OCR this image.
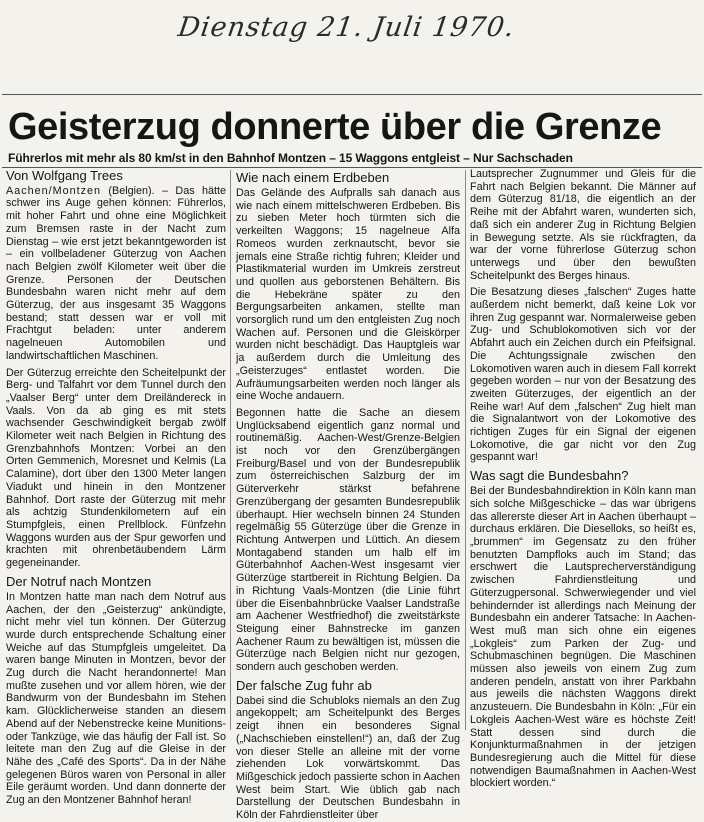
Dienstag 21. Juli 1970.
Geisterzug donnerte über die Grenze
Führerlos mit mehr als 80 km/st in den Bahnhof Montzen – 15 Waggons entgleist – Nur Sachschaden
Von Wolfgang Trees

Aachen/Montzen (Belgien). – Das hätte schwer ins Auge gehen können: Führerlos, mit hoher Fahrt und ohne eine Möglichkeit zum Bremsen raste in der Nacht zum Dienstag – wie erst jetzt bekanntgeworden ist – ein vollbeladener Güterzug von Aachen nach Belgien zwölf Kilometer weit über die Grenze. Personen der Deutschen Bundesbahn waren nicht mehr auf dem Güterzug, der aus insgesamt 35 Waggons bestand; statt dessen war er voll mit Frachtgut beladen: unter anderem nagelneuen Automobilen und landwirtschaftlichen Maschinen.

Der Güterzug erreichte den Scheitelpunkt der Berg- und Talfahrt vor dem Tunnel durch den „Vaalser Berg“ unter dem Dreiländereck in Vaals. Von da ab ging es mit stets wachsender Geschwindigkeit bergab zwölf Kilometer weit nach Belgien in Richtung des Grenzbahnhofs Montzen: Vorbei an den Orten Gemmenich, Moresnet und Kelmis (La Calamine), dort über den 1300 Meter langen Viadukt und hinein in den Montzener Bahnhof. Dort raste der Güterzug mit mehr als achtzig Stundenkilometern auf ein Stumpfgleis, einen Prellblock. Fünfzehn Waggons wurden aus der Spur geworfen und krachten mit ohrenbetäubendem Lärm gegeneinander.

Der Notruf nach Montzen

In Montzen hatte man nach dem Notruf aus Aachen, der den „Geisterzug“ ankündigte, nicht mehr viel tun können. Der Güterzug wurde durch entsprechende Schaltung einer Weiche auf das Stumpfgleis umgeleitet. Da waren bange Minuten in Montzen, bevor der Zug durch die Nacht herandonnerte! Man mußte zusehen und vor allem hören, wie der Bandwurm von der Bundesbahn im Stehen kam. Glücklicherweise standen an diesem Abend auf der Nebenstrecke keine Munitions- oder Tankzüge, wie das häufig der Fall ist. So leitete man den Zug auf die Gleise in der Nähe des „Café des Sports“. Da in der Nähe gelegenen Büros waren von Personal in aller Eile geräumt worden. Und dann donnerte der Zug an den Montzener Bahnhof heran!

Wie nach einem Erdbeben

Das Gelände des Aufpralls sah danach aus wie nach einem mittelschweren Erdbeben. Bis zu sieben Meter hoch türmten sich die verkeilten Waggons; 15 nagelneue Alfa Romeos wurden zerknautscht, bevor sie jemals eine Straße richtig fuhren; Kleider und Plastikmaterial wurden im Umkreis zerstreut und quollen aus geborstenen Behältern. Bis die Hebekräne später zu den Bergungsarbeiten ankamen, stellte man vorsorglich rund um den entgleisten Zug noch Wachen auf. Personen und die Gleiskörper wurden nicht beschädigt. Das Hauptgleis war ja außerdem durch die Umleitung des „Geisterzuges“ entlastet worden. Die Aufräumungsarbeiten werden noch länger als eine Woche andauern.

Begonnen hatte die Sache an diesem Unglücksabend eigentlich ganz normal und routinemäßig. Aachen-West/Grenze-Belgien ist noch vor den Grenzübergängen Freiburg/Basel und von der Bundesrepublik zum österreichischen Salzburg der im Güterverkehr stärkst befahrene Grenzübergang der gesamten Bundesrepublik überhaupt. Hier wechseln binnen 24 Stunden regelmäßig 55 Güterzüge über die Grenze in Richtung Antwerpen und Lüttich. An diesem Montagabend standen um halb elf im Güterbahnhof Aachen-West insgesamt vier Güterzüge startbereit in Richtung Belgien. Da in Richtung Vaals-Montzen (die Linie führt über die Eisenbahnbrücke Vaalser Landstraße am Aachener Westfriedhof) die zweitstärkste Steigung einer Bahnstrecke im ganzen Aachener Raum zu bewältigen ist, müssen die Güterzüge nach Belgien nicht nur gezogen, sondern auch geschoben werden.

Der falsche Zug fuhr ab

Dabei sind die Schubloks niemals an den Zug angekoppelt; am Scheitelpunkt des Berges zeigt ihnen ein besonderes Signal („Nachschieben einstellen!“) an, daß der Zug von dieser Stelle an alleine mit der vorne ziehenden Lok vorwärtskommt. Das Mißgeschick jedoch passierte schon in Aachen West beim Start. Wie üblich gab nach Darstellung der Deutschen Bundesbahn in Köln der Fahrdienstleiter über

Lautsprecher Zugnummer und Gleis für die Fahrt nach Belgien bekannt. Die Männer auf dem Güterzug 81/18, die eigentlich an der Reihe mit der Abfahrt waren, wunderten sich, daß sich ein anderer Zug in Richtung Belgien in Bewegung setzte. Als sie rückfragten, da war der vorne führerlose Güterzug schon unterwegs und über den bewußten Scheitelpunkt des Berges hinaus.

Die Besatzung dieses „falschen“ Zuges hatte außerdem nicht bemerkt, daß keine Lok vor ihren Zug gespannt war. Normalerweise geben Zug- und Schublokomotiven sich vor der Abfahrt auch ein Zeichen durch ein Pfeifsignal. Die Achtungssignale zwischen den Lokomotiven waren auch in diesem Fall korrekt gegeben worden – nur von der Besatzung des zweiten Güterzuges, der eigentlich an der Reihe war! Auf dem „falschen“ Zug hielt man die Signalantwort von der Lokomotive des richtigen Zuges für ein Signal der eigenen Lokomotive, die gar nicht vor den Zug gespannt war!

Was sagt die Bundesbahn?

Bei der Bundesbahndirektion in Köln kann man sich solche Mißgeschicke – das war übrigens das allererste dieser Art in Aachen überhaupt – durchaus erklären. Die Dieselloks, so heißt es, „brummen“ im Gegensatz zu den früher benutzten Dampfloks auch im Stand; das erschwert die Lautsprecherverständigung zwischen Fahrdienstleitung und Güterzugpersonal. Schwerwiegender und viel behindernder ist allerdings nach Meinung der Bundesbahn ein anderer Tatsache: In Aachen-West muß man sich ohne ein eigenes „Lokgleis“ zum Parken der Zug- und Schubmaschinen begnügen. Die Maschinen müssen also jeweils von einem Zug zum anderen pendeln, anstatt von ihrer Parkbahn aus jeweils die nächsten Waggons direkt anzusteuern. Die Bundesbahn in Köln: „Für ein Lokgleis Aachen-West wäre es höchste Zeit! Statt dessen sind durch die Konjunkturmaßnahmen in der jetzigen Bundesregierung auch die Mittel für diese notwendigen Baumaßnahmen in Aachen-West blockiert worden.“
